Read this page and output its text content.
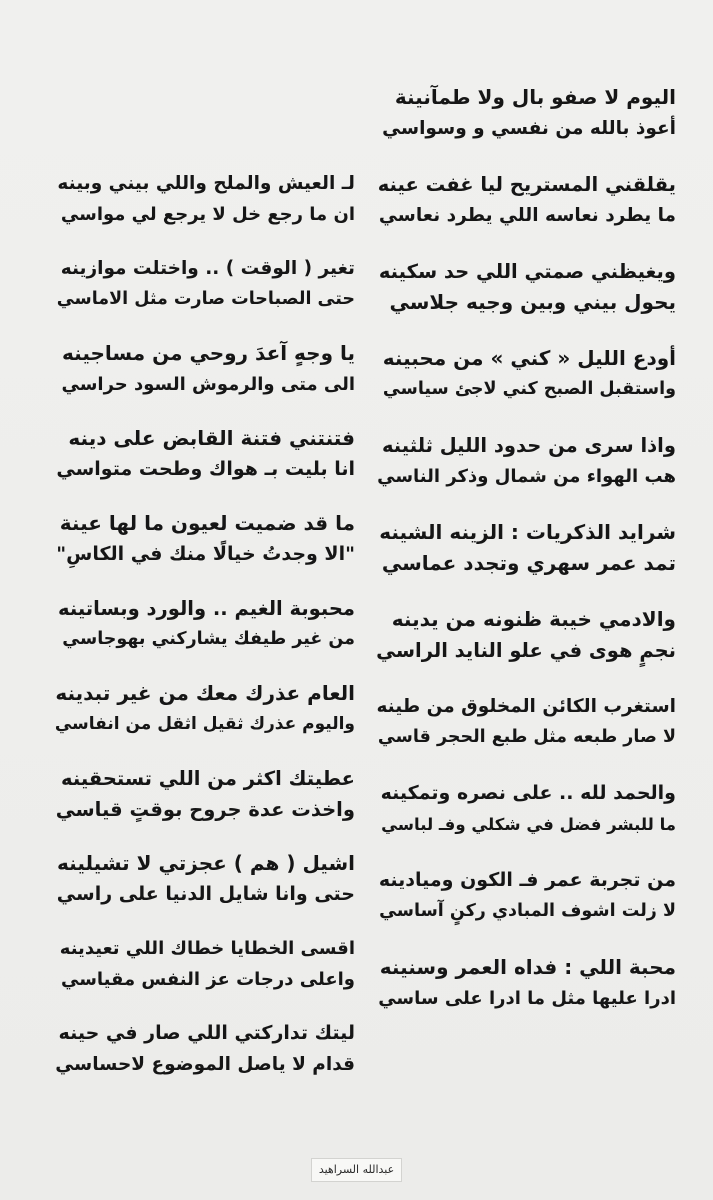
اليوم لا صفو بال ولا طمآنينة
أعوذ بالله من نفسي و وسواسي
يقلقني المستريح ليا غفت عينه
ما يطرد نعاسه اللي يطرد نعاسي
ويغيظني صمتي اللي حد سكينه
يحول بيني وبين وجيه جلاسي
أودع الليل « كني » من محبينه
واستقبل الصبح كني لاجئ سياسي
واذا سرى من حدود الليل ثلثينه
هب الهواء من شمال وذكر الناسي
شرايد الذكريات : الزينه الشينه
تمد عمر سهري وتجدد عماسي
والادمي خيبة ظنونه من يدينه
نجمٍ هوى في علو النايد الراسي
استغرب الكائن المخلوق من طينه
لا صار طبعه مثل طبع الحجر قاسي
والحمد لله .. على نصره وتمكينه
ما للبشر فضل في شكلي وفـ لباسي
من تجربة عمر فـ الكون وميادينه
لا زلت اشوف المبادي ركنٍ آساسي
محبة اللي : فداه العمر وسنينه
ادرا عليها مثل ما ادرا على ساسي
لـ العيش والملح واللي بيني وبينه
ان ما رجع خل لا يرجع لي مواسي
تغير ( الوقت ) .. واختلت موازينه
حتى الصباحات صارت مثل الاماسي
يا وجهٍ آعدَ روحي من مساجينه
الى متى والرموش السود حراسي
فتنتني فتنة القابض على دينه
انا بليت بـ هواك وطحت متواسي
ما قد ضميت لعيون ما لها عينة
"الا وجدتُ خيالًا منك في الكاسِ"
محبوبة الغيم .. والورد وبساتينه
من غير طيفك يشاركني بهوجاسي
العام عذرك معك من غير تبدينه
واليوم عذرك ثقيل اثقل من انفاسي
عطيتك اكثر من اللي تستحقينه
واخذت عدة جروح بوقتٍ قياسي
اشيل ( هم ) عجزتي لا تشيلينه
حتى وانا شايل الدنيا على راسي
اقسى الخطايا خطاك اللي تعيدينه
واعلى درجات عز النفس مقياسي
ليتك تداركتي اللي صار في حينه
قدام لا ياصل الموضوع لاحساسي
عبدالله السراهيد
